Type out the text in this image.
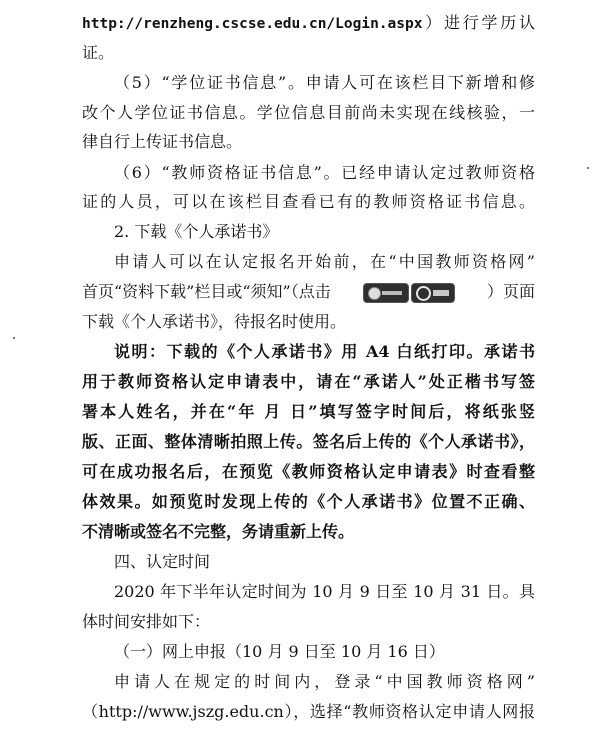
http://renzheng.cscse.edu.cn/Login.aspx）进行学历认
证。
（5）“学位证书信息”。申请人可在该栏目下新增和修
改个人学位证书信息。学位信息目前尚未实现在线核验，一
律自行上传证书信息。
（6）“教师资格证书信息”。已经申请认定过教师资格
证的人员，可以在该栏目查看已有的教师资格证书信息。
2. 下载《个人承诺书》
申请人可以在认定报名开始前，在“中国教师资格网”
首页“资料下载”栏目或“须知”（点击	）页面
下载《个人承诺书》，待报名时使用。
说明：下载的《个人承诺书》用 A4 白纸打印。承诺书
用于教师资格认定申请表中，请在“承诺人”处正楷书写签
署本人姓名，并在“年 月 日”填写签字时间后，将纸张竖
版、正面、整体清晰拍照上传。签名后上传的《个人承诺书》，
可在成功报名后，在预览《教师资格认定申请表》时查看整
体效果。如预览时发现上传的《个人承诺书》位置不正确、
不清晰或签名不完整，务请重新上传。
四、认定时间
2020 年下半年认定时间为 10 月 9 日至 10 月 31 日。具
体时间安排如下：
（一）网上申报（10 月 9 日至 10 月 16 日）
申请人在规定的时间内，登录“中国教师资格网”
（http://www.jszg.edu.cn），选择“教师资格认定申请人网报
